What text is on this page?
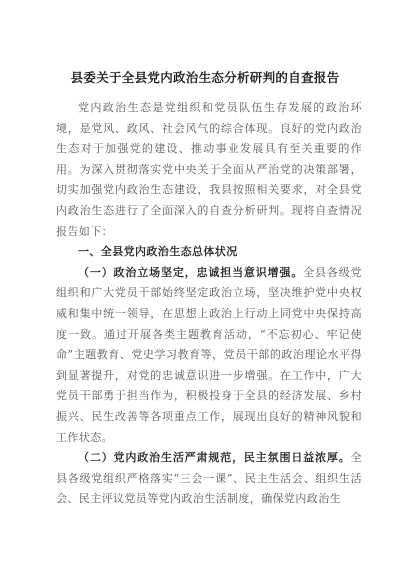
县委关于全县党内政治生态分析研判的自查报告

党内政治生态是党组织和党员队伍生存发展的政治环境，是党风、政风、社会风气的综合体现。良好的党内政治生态对于加强党的建设、推动事业发展具有至关重要的作用。为深入贯彻落实党中央关于全面从严治党的决策部署，切实加强党内政治生态建设，我县按照相关要求，对全县党内政治生态进行了全面深入的自查分析研判。现将自查情况报告如下：

一、全县党内政治生态总体状况

（一）政治立场坚定，忠诚担当意识增强。全县各级党组织和广大党员干部始终坚定政治立场，坚决维护党中央权威和集中统一领导，在思想上政治上行动上同党中央保持高度一致。通过开展各类主题教育活动，“不忘初心、牢记使命”主题教育、党史学习教育等，党员干部的政治理论水平得到显著提升，对党的忠诚意识进一步增强。在工作中，广大党员干部勇于担当作为，积极投身于全县的经济发展、乡村振兴、民生改善等各项重点工作，展现出良好的精神风貌和工作状态。

（二）党内政治生活严肃规范，民主氛围日益浓厚。全县各级党组织严格落实“三会一课”、民主生活会、组织生活会、民主评议党员等党内政治生活制度，确保党内政治生
